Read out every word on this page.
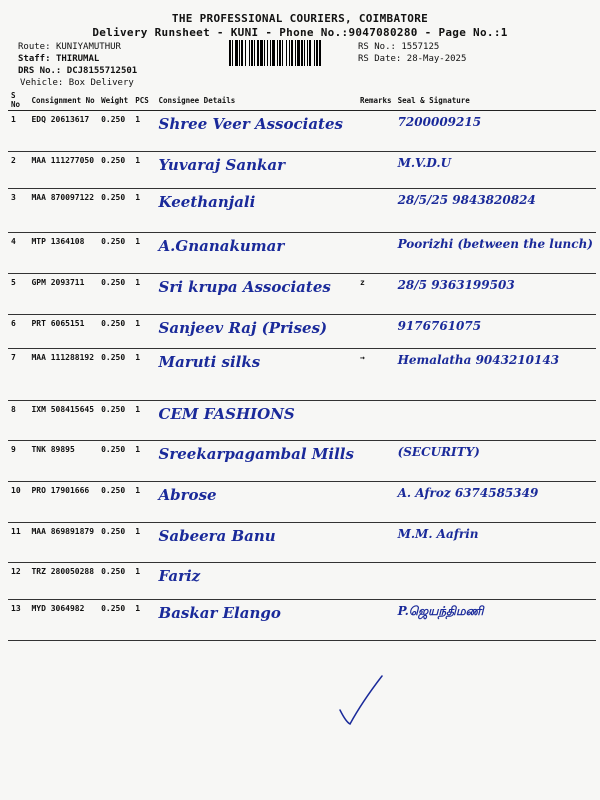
THE PROFESSIONAL COURIERS, COIMBATORE
Delivery Runsheet - KUNI - Phone No.:9047080280 - Page No.:1
Route: KUNIYAMUTHUR
Staff: THIRUMAL
DRS No.: DCJ8155712501
Vehicle: Box Delivery
RS No.: 1557125
RS Date: 28-May-2025
S No	Consignment No	Weight	PCS	Consignee Details	Remarks	Seal & Signature
1	EDQ 20613617	0.250	1	Shree Veer Associates		7200009215
2	MAA 111277050	0.250	1	Yuvaraj Sankar		M.V.D.U
3	MAA 870097122	0.250	1	Keethanjali		28/5/25 9843820824
4	MTP 1364108	0.250	1	A.Gnanakumar		Poorizhi (between the lunch)
5	GPM 2093711	0.250	1	Sri krupa Associates	z	28/5 9363199503
6	PRT 6065151	0.250	1	Sanjeev Raj (Prises)		9176761075
7	MAA 111288192	0.250	1	Maruti silks	→	Hemalatha 9043210143
8	IXM 508415645	0.250	1	CEM FASHIONS		
9	TNK 89895	0.250	1	Sreekarpagambal Mills		(SECURITY)
10	PRO 17901666	0.250	1	Abrose		A. Afroz 6374585349
11	MAA 869891879	0.250	1	Sabeera Banu		M.M. Aafrin
12	TRZ 280050288	0.250	1	Fariz		
13	MYD 3064982	0.250	1	Baskar Elango		P.ஜெயந்திமணி
